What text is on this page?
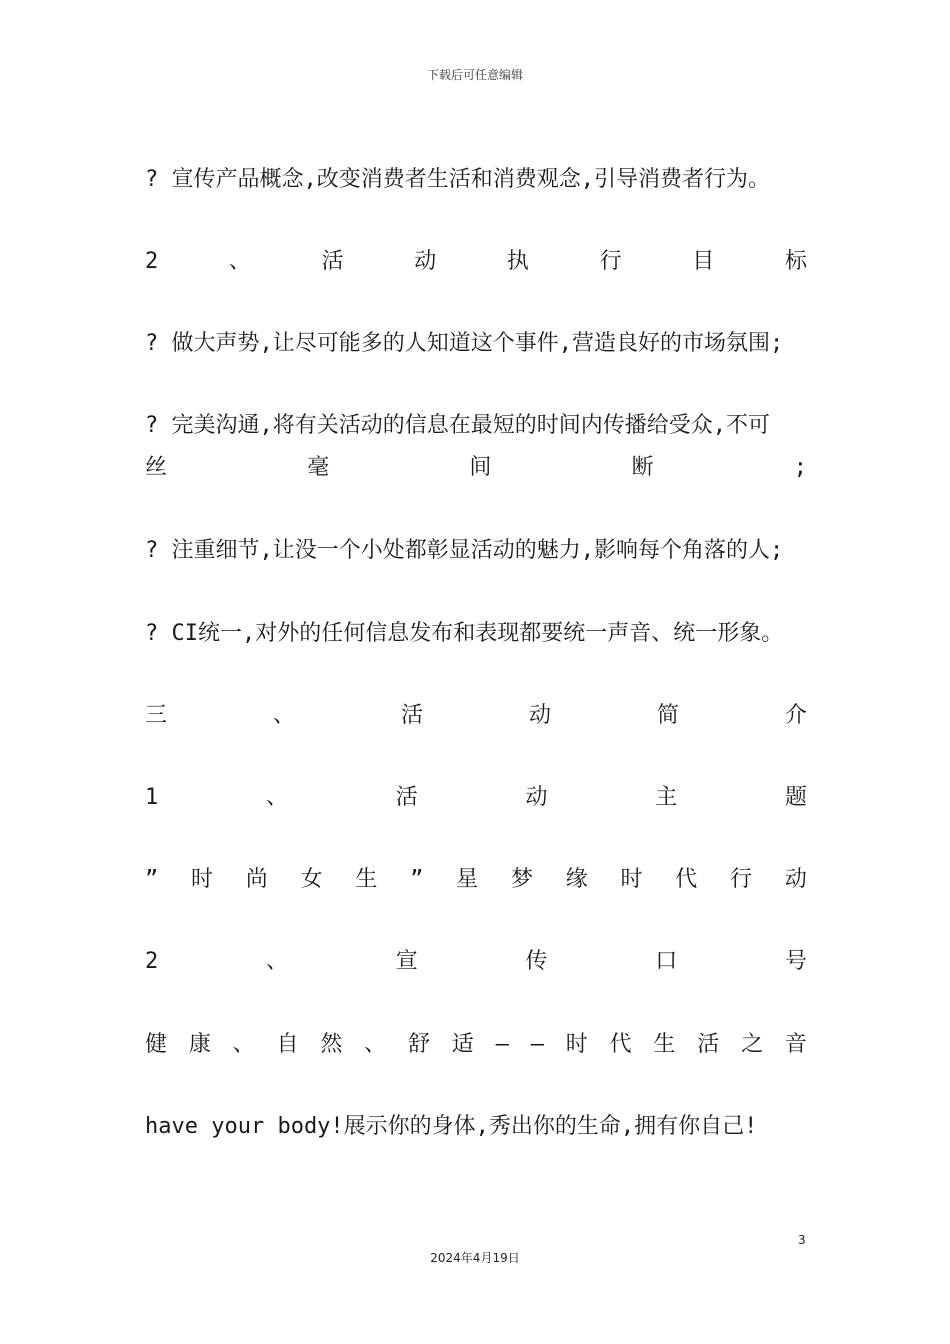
下载后可任意编辑
? 宣传产品概念,改变消费者生活和消费观念,引导消费者行为。
2	、	活	动	执	行	目	标
? 做大声势,让尽可能多的人知道这个事件,营造良好的市场氛围;
? 完美沟通,将有关活动的信息在最短的时间内传播给受众,不可
丝	毫	间	断	;
? 注重细节,让没一个小处都彰显活动的魅力,影响每个角落的人;
? CI统一,对外的任何信息发布和表现都要统一声音、统一形象。
三	、	活	动	简	介
1	、	活	动	主	题
” 时 尚 女 生 ” 星 梦 缘 时 代 行 动
2	、	宣	传	口	号
健 康 、 自 然 、 舒 适 — — 时 代 生 活 之 音
have your body!展示你的身体,秀出你的生命,拥有你自己!
3
2024年4月19日
